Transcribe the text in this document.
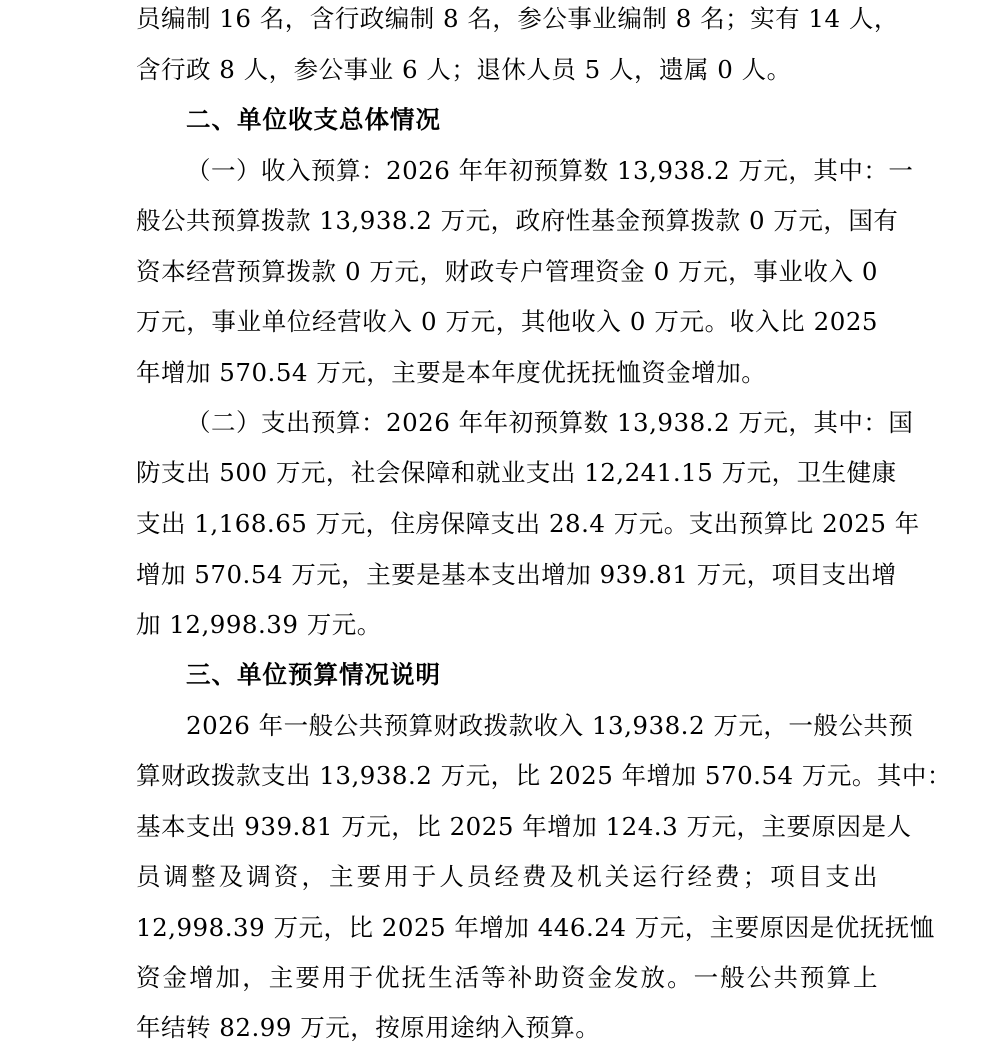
员编制 16 名，含行政编制 8 名，参公事业编制 8 名；实有 14 人，
含行政 8 人，参公事业 6 人；退休人员 5 人，遗属 0 人。
二、单位收支总体情况
（一）收入预算：2026 年年初预算数 13,938.2 万元，其中：一
般公共预算拨款 13,938.2 万元，政府性基金预算拨款 0 万元，国有
资本经营预算拨款 0 万元，财政专户管理资金 0 万元，事业收入 0
万元，事业单位经营收入 0 万元，其他收入 0 万元。收入比 2025
年增加 570.54 万元，主要是本年度优抚抚恤资金增加。
（二）支出预算：2026 年年初预算数 13,938.2 万元，其中：国
防支出 500 万元，社会保障和就业支出 12,241.15 万元，卫生健康
支出 1,168.65 万元，住房保障支出 28.4 万元。支出预算比 2025 年
增加 570.54 万元，主要是基本支出增加 939.81 万元，项目支出增
加 12,998.39 万元。
三、单位预算情况说明
2026 年一般公共预算财政拨款收入 13,938.2 万元，一般公共预
算财政拨款支出 13,938.2 万元，比 2025 年增加 570.54 万元。其中：
基本支出 939.81 万元，比 2025 年增加 124.3 万元，主要原因是人
员调整及调资，主要用于人员经费及机关运行经费；项目支出
12,998.39 万元，比 2025 年增加 446.24 万元，主要原因是优抚抚恤
资金增加，主要用于优抚生活等补助资金发放。一般公共预算上
年结转 82.99 万元，按原用途纳入预算。
